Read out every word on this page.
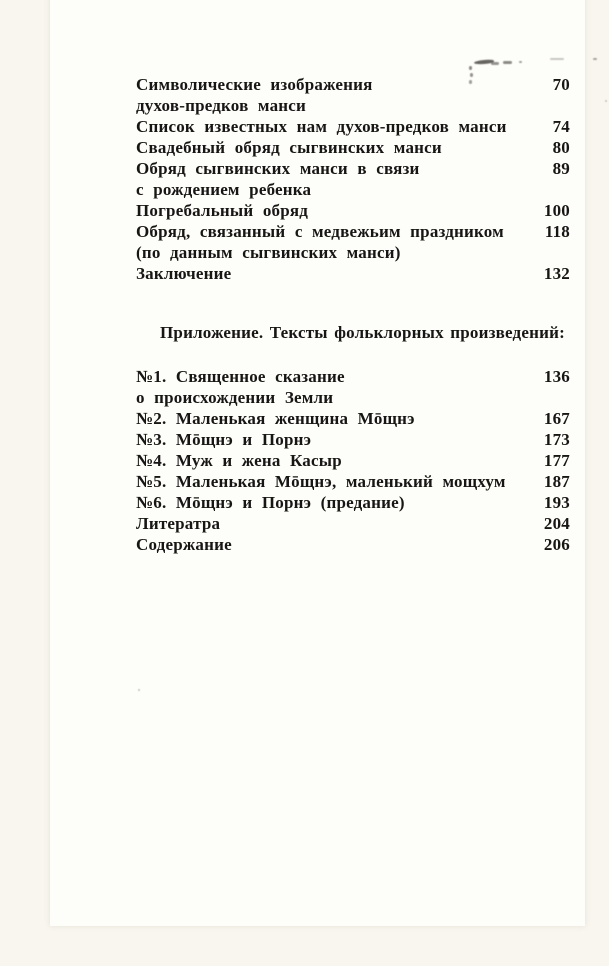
Символические изображения	70
духов-предков манси
Список известных нам духов-предков манси	74
Свадебный обряд сыгвинских манси	80
Обряд сыгвинских манси в связи	89
с рождением ребенка
Погребальный обряд	100
Обряд, связанный с медвежьим праздником	118
(по данным сыгвинских манси)
Заключение	132
Приложение. Тексты фольклорных произведений:
№1. Священное сказание	136
о происхождении Земли
№2. Маленькая женщина Мōщнэ	167
№3. Мōщнэ и Порнэ	173
№4. Муж и жена Касыр	177
№5. Маленькая Мōщнэ, маленький мощхум	187
№6. Мōщнэ и Порнэ (предание)	193
Литератра	204
Содержание	206
